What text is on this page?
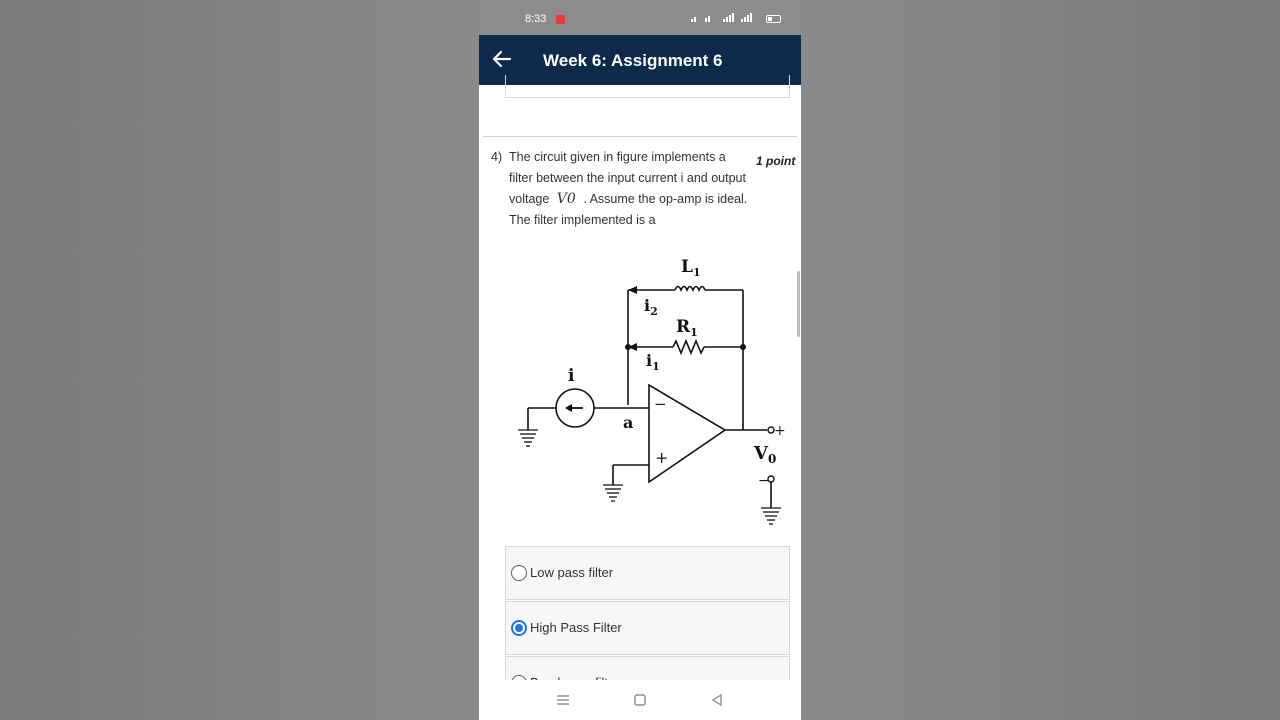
8:33
Week 6: Assignment 6
4) The circuit given in figure implements a filter between the input current i and output voltage V0 . Assume the op-amp is ideal. The filter implemented is a
1 point
$L_1$
$i_2$
$R_1$
$i_1$
i
a
−
+
+
$V_0$
−
Low pass filter
High Pass Filter
